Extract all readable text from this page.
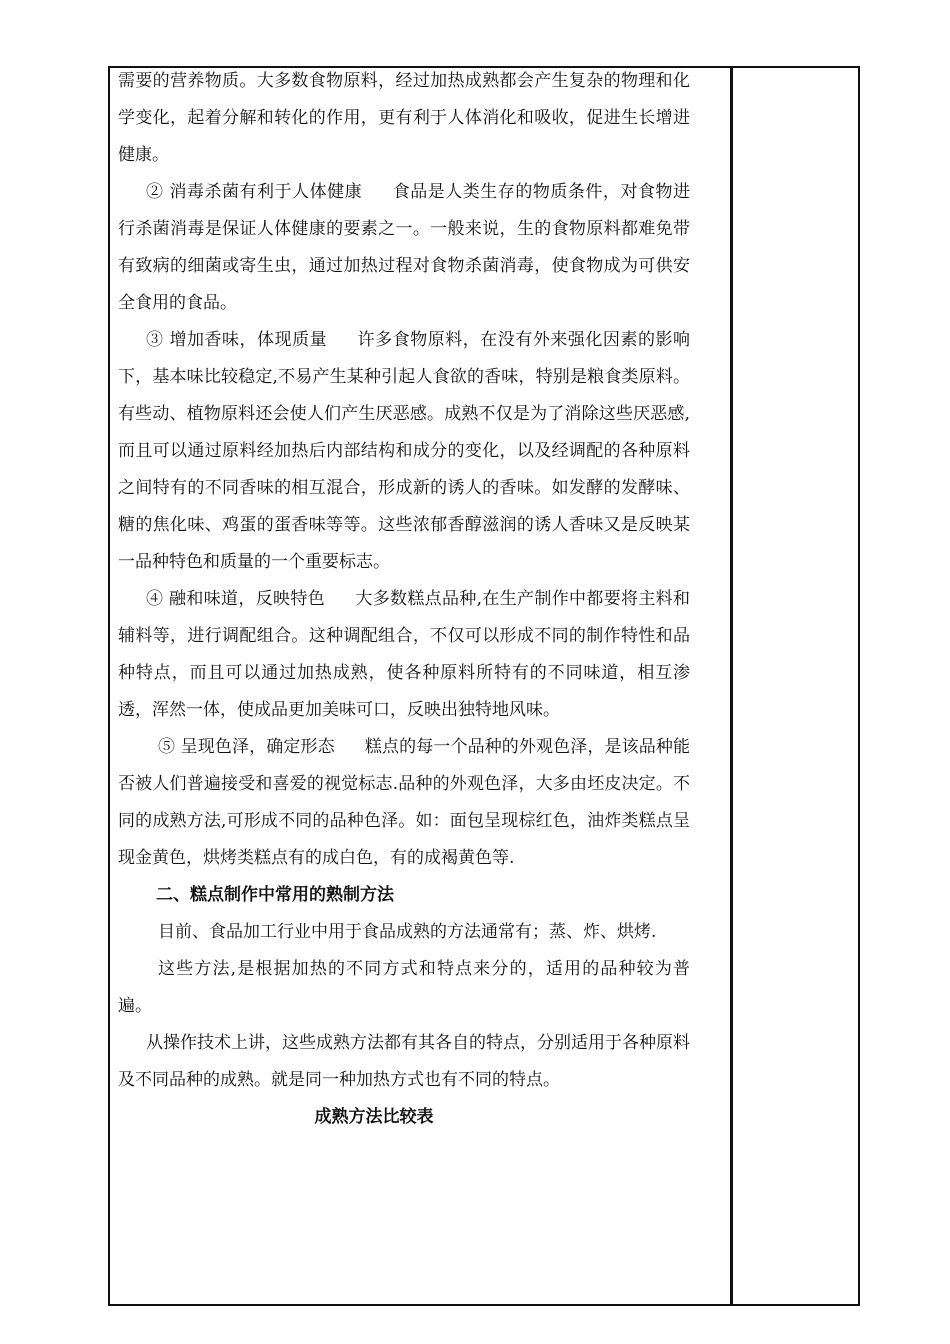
需要的营养物质。大多数食物原料，经过加热成熟都会产生复杂的物理和化学变化，起着分解和转化的作用，更有利于人体消化和吸收，促进生长增进健康。

② 消毒杀菌有利于人体健康 食品是人类生存的物质条件，对食物进行杀菌消毒是保证人体健康的要素之一。一般来说，生的食物原料都难免带有致病的细菌或寄生虫，通过加热过程对食物杀菌消毒，使食物成为可供安全食用的食品。

③ 增加香味，体现质量 许多食物原料，在没有外来强化因素的影响下，基本味比较稳定,不易产生某种引起人食欲的香味，特别是粮食类原料。有些动、植物原料还会使人们产生厌恶感。成熟不仅是为了消除这些厌恶感,而且可以通过原料经加热后内部结构和成分的变化，以及经调配的各种原料之间特有的不同香味的相互混合，形成新的诱人的香味。如发酵的发酵味、糖的焦化味、鸡蛋的蛋香味等等。这些浓郁香醇滋润的诱人香味又是反映某一品种特色和质量的一个重要标志。

④ 融和味道，反映特色 大多数糕点品种,在生产制作中都要将主料和辅料等，进行调配组合。这种调配组合，不仅可以形成不同的制作特性和品种特点，而且可以通过加热成熟，使各种原料所特有的不同味道，相互渗透，浑然一体，使成品更加美味可口，反映出独特地风味。

⑤ 呈现色泽，确定形态 糕点的每一个品种的外观色泽，是该品种能否被人们普遍接受和喜爱的视觉标志.品种的外观色泽，大多由坯皮决定。不同的成熟方法,可形成不同的品种色泽。如：面包呈现棕红色，油炸类糕点呈现金黄色，烘烤类糕点有的成白色，有的成褐黄色等.

二、糕点制作中常用的熟制方法

目前、食品加工行业中用于食品成熟的方法通常有；蒸、炸、烘烤.

这些方法,是根据加热的不同方式和特点来分的，适用的品种较为普遍。

从操作技术上讲，这些成熟方法都有其各自的特点，分别适用于各种原料及不同品种的成熟。就是同一种加热方式也有不同的特点。

成熟方法比较表
